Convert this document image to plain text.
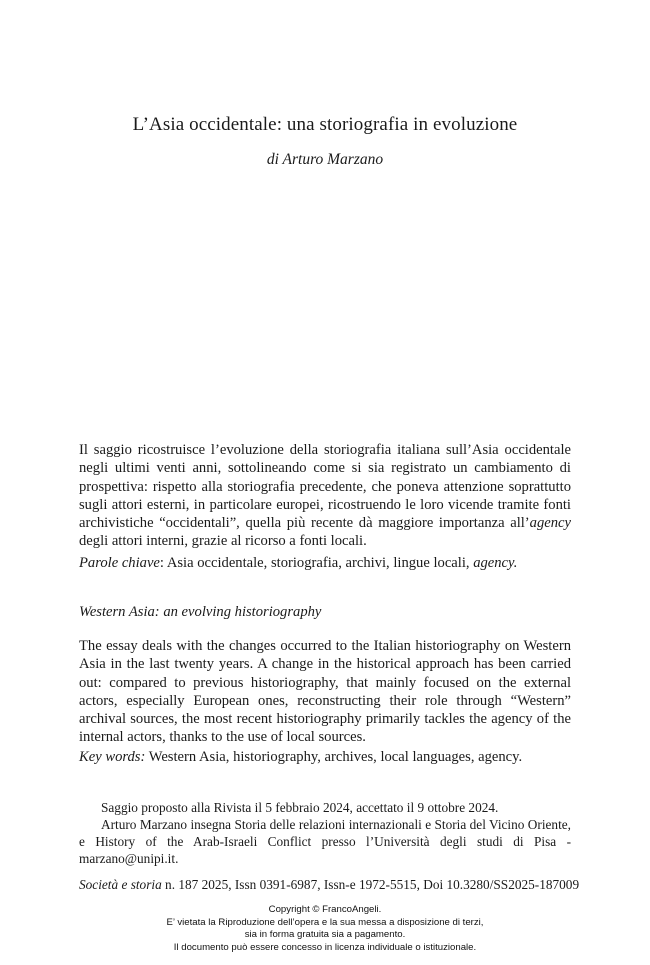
L’Asia occidentale: una storiografia in evoluzione
di Arturo Marzano
Il saggio ricostruisce l’evoluzione della storiografia italiana sull’Asia occidentale negli ultimi venti anni, sottolineando come si sia registrato un cambiamento di prospettiva: rispetto alla storiografia precedente, che poneva attenzione soprattutto sugli attori esterni, in particolare europei, ricostruendo le loro vicende tramite fonti archivistiche “occidentali”, quella più recente dà maggiore importanza all’agency degli attori interni, grazie al ricorso a fonti locali.
Parole chiave: Asia occidentale, storiografia, archivi, lingue locali, agency.
Western Asia: an evolving historiography
The essay deals with the changes occurred to the Italian historiography on Western Asia in the last twenty years. A change in the historical approach has been carried out: compared to previous historiography, that mainly focused on the external actors, especially European ones, reconstructing their role through “Western” archival sources, the most recent historiography primarily tackles the agency of the internal actors, thanks to the use of local sources.
Key words: Western Asia, historiography, archives, local languages, agency.

Saggio proposto alla Rivista il 5 febbraio 2024, accettato il 9 ottobre 2024.

Arturo Marzano insegna Storia delle relazioni internazionali e Storia del Vicino Oriente, e History of the Arab-Israeli Conflict presso l’Università degli studi di Pisa - marzano@unipi.it.

Società e storia n. 187 2025, Issn 0391-6987, Issn-e 1972-5515, Doi 10.3280/SS2025-187009
Copyright © FrancoAngeli.
E’ vietata la Riproduzione dell’opera e la sua messa a disposizione di terzi,
sia in forma gratuita sia a pagamento.
Il documento può essere concesso in licenza individuale o istituzionale.
